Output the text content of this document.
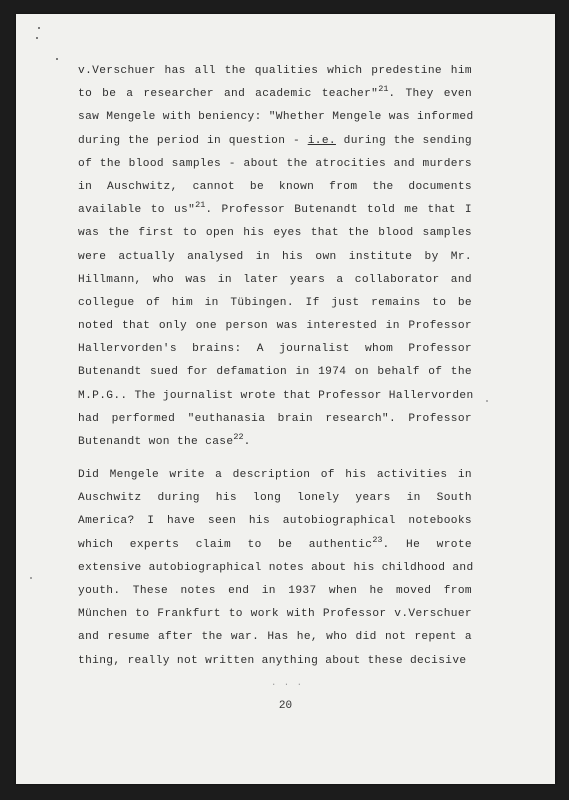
v.Verschuer has all the qualities which predestine him
to be a researcher and academic teacher"$^{21}$. They even
saw Mengele with beniency: "Whether Mengele was informed
during the period in question - i.e. during the sending
of the blood samples - about the atrocities and murders
in Auschwitz, cannot be known from the documents
available to us"$^{21}$. Professor Butenandt told me that I
was the first to open his eyes that the blood samples
were actually analysed in his own institute by Mr.
Hillmann, who was in later years a collaborator and
collegue of him in Tübingen. If just remains to be
noted that only one person was interested in Professor
Hallervorden's brains: A journalist whom Professor
Butenandt sued for defamation in 1974 on behalf of the
M.P.G.. The journalist wrote that Professor Hallervorden
had performed "euthanasia brain research". Professor
Butenandt won the case$^{22}$.
Did Mengele write a description of his activities in
Auschwitz during his long lonely years in South
America? I have seen his autobiographical notebooks
which experts claim to be authentic$^{23}$. He wrote
extensive autobiographical notes about his childhood and
youth. These notes end in 1937 when he moved from
München to Frankfurt to work with Professor v.Verschuer
and resume after the war. Has he, who did not repent a
thing, really not written anything about these decisive
. . .
20
